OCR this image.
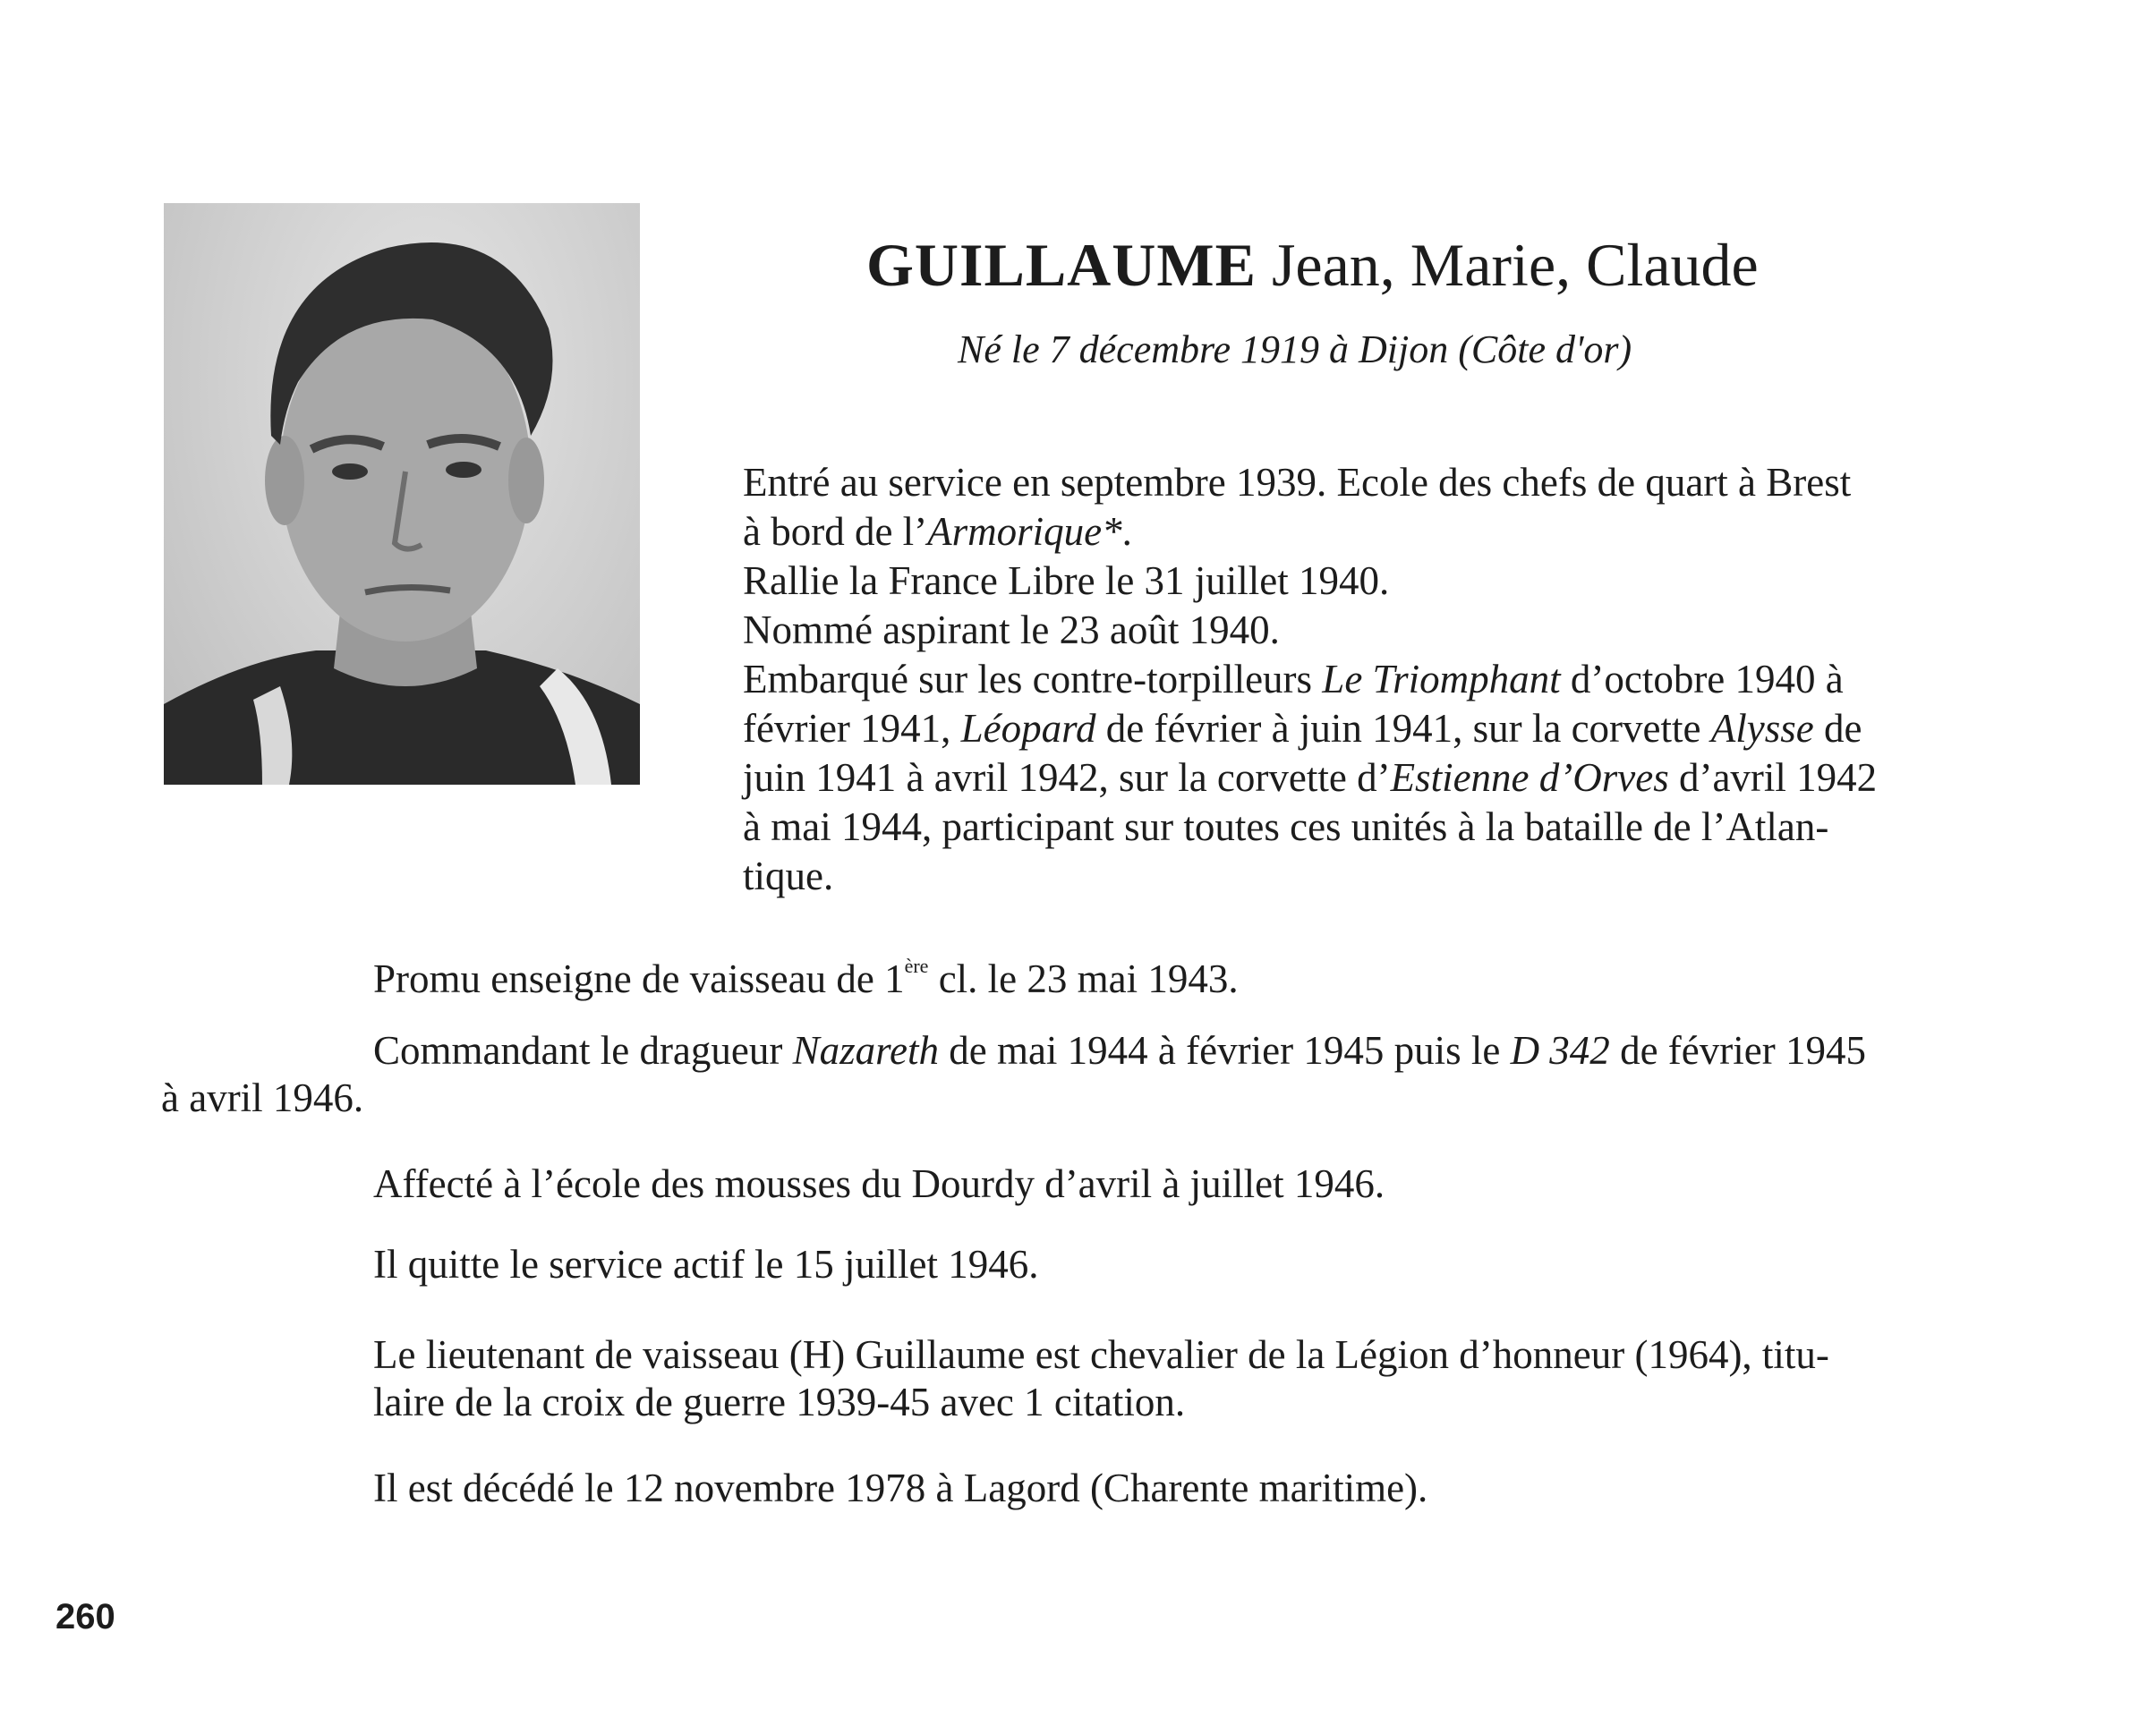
GUILLAUME Jean, Marie, Claude
Né le 7 décembre 1919 à Dijon (Côte d'or)
Entré au service en septembre 1939. Ecole des chefs de quart à Brest
à bord de l’Armorique*.
Rallie la France Libre le 31 juillet 1940.
Nommé aspirant le 23 août 1940.
Embarqué sur les contre-torpilleurs Le Triomphant d’octobre 1940 à
février 1941, Léopard de février à juin 1941, sur la corvette Alysse de
juin 1941 à avril 1942, sur la corvette d’Estienne d’Orves d’avril 1942
à mai 1944, participant sur toutes ces unités à la bataille de l’Atlan-
tique.
Promu enseigne de vaisseau de 1ère cl. le 23 mai 1943.
Commandant le dragueur Nazareth de mai 1944 à février 1945 puis le D 342 de février 1945
à avril 1946.
Affecté à l’école des mousses du Dourdy d’avril à juillet 1946.
Il quitte le service actif le 15 juillet 1946.
Le lieutenant de vaisseau (H) Guillaume est chevalier de la Légion d’honneur (1964), titu-
laire de la croix de guerre 1939-45 avec 1 citation.
Il est décédé le 12 novembre 1978 à Lagord (Charente maritime).
260
